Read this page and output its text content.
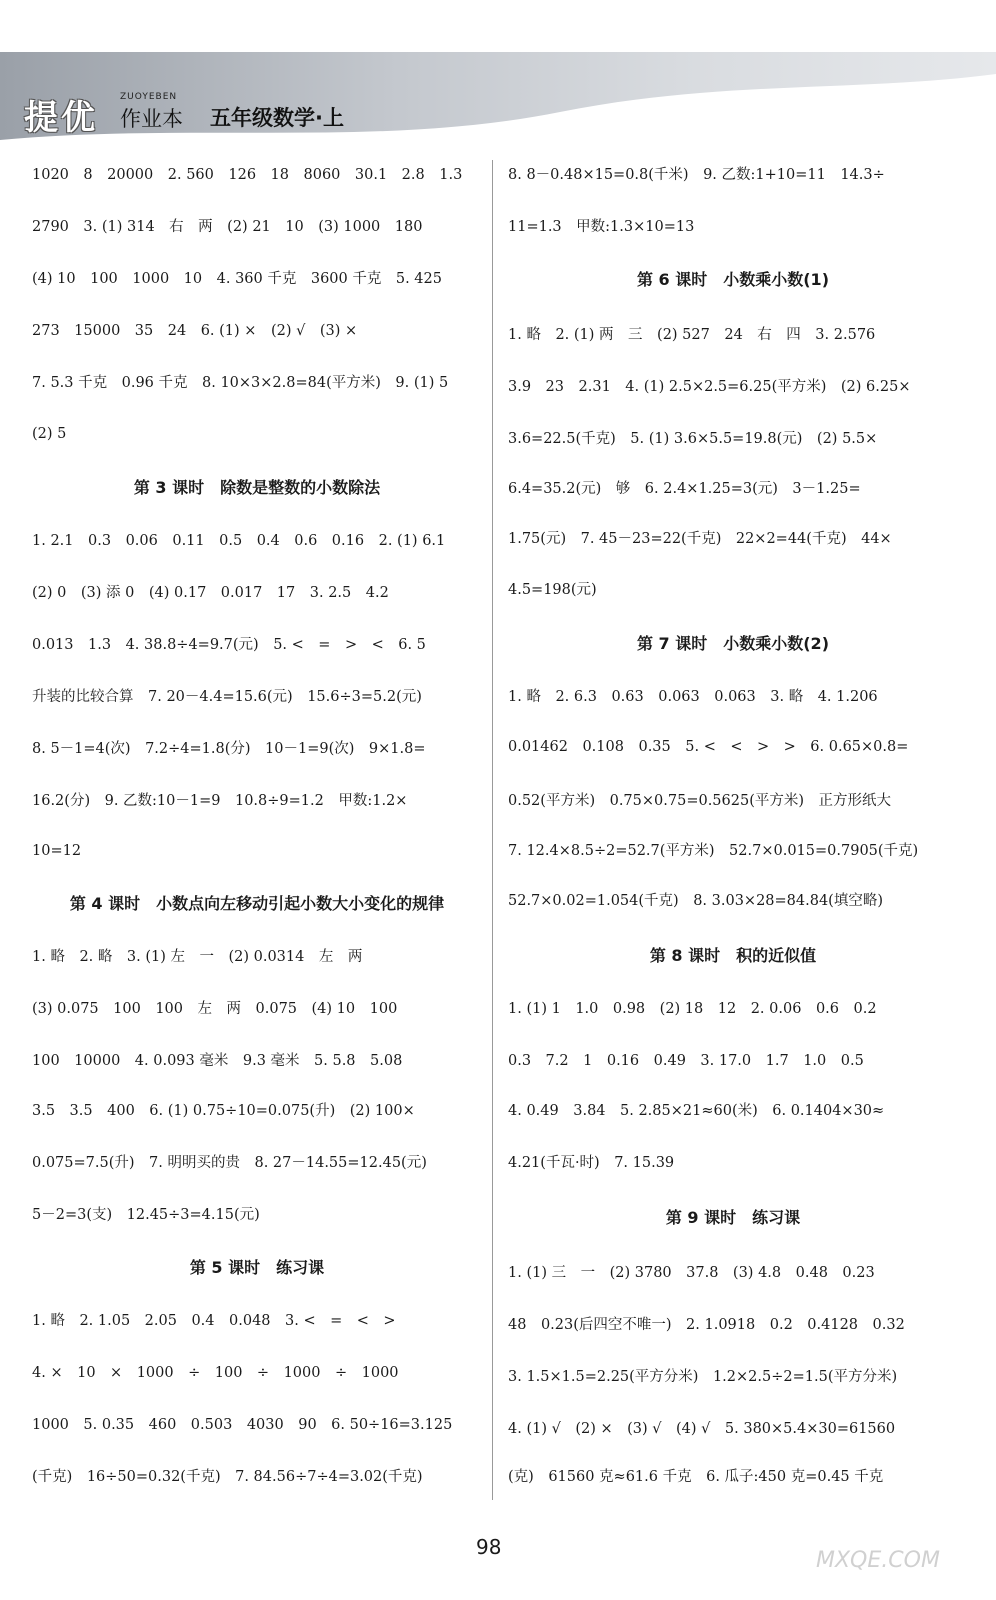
提优
ZUOYEBEN
作业本 五年级数学·上
1020　8　20000　2. 560　126　18　8060　30.1　2.8　1.3
2790　3. (1) 314　右　两　(2) 21　10　(3) 1000　180
(4) 10　100　1000　10　4. 360 千克　3600 千克　5. 425
273　15000　35　24　6. (1) ×　(2) √　(3) ×
7. 5.3 千克　0.96 千克　8. 10×3×2.8=84(平方米)　9. (1) 5
(2) 5
第 3 课时　除数是整数的小数除法
1. 2.1　0.3　0.06　0.11　0.5　0.4　0.6　0.16　2. (1) 6.1
(2) 0　(3) 添 0　(4) 0.17　0.017　17　3. 2.5　4.2
0.013　1.3　4. 38.8÷4=9.7(元)　5. <　=　>　<　6. 5
升装的比较合算　7. 20－4.4=15.6(元)　15.6÷3=5.2(元)
8. 5－1=4(次)　7.2÷4=1.8(分)　10－1=9(次)　9×1.8=
16.2(分)　9. 乙数:10－1=9　10.8÷9=1.2　甲数:1.2×
10=12
第 4 课时　小数点向左移动引起小数大小变化的规律
1. 略　2. 略　3. (1) 左　一　(2) 0.0314　左　两
(3) 0.075　100　100　左　两　0.075　(4) 10　100
100　10000　4. 0.093 毫米　9.3 毫米　5. 5.8　5.08
3.5　3.5　400　6. (1) 0.75÷10=0.075(升)　(2) 100×
0.075=7.5(升)　7. 明明买的贵　8. 27－14.55=12.45(元)
5－2=3(支)　12.45÷3=4.15(元)
第 5 课时　练习课
1. 略　2. 1.05　2.05　0.4　0.048　3. <　=　<　>
4. ×　10　×　1000　÷　100　÷　1000　÷　1000
1000　5. 0.35　460　0.503　4030　90　6. 50÷16=3.125
(千克)　16÷50=0.32(千克)　7. 84.56÷7÷4=3.02(千克)
8. 8－0.48×15=0.8(千米)　9. 乙数:1+10=11　14.3÷
11=1.3　甲数:1.3×10=13
第 6 课时　小数乘小数(1)
1. 略　2. (1) 两　三　(2) 527　24　右　四　3. 2.576
3.9　23　2.31　4. (1) 2.5×2.5=6.25(平方米)　(2) 6.25×
3.6=22.5(千克)　5. (1) 3.6×5.5=19.8(元)　(2) 5.5×
6.4=35.2(元)　够　6. 2.4×1.25=3(元)　3－1.25=
1.75(元)　7. 45－23=22(千克)　22×2=44(千克)　44×
4.5=198(元)
第 7 课时　小数乘小数(2)
1. 略　2. 6.3　0.63　0.063　0.063　3. 略　4. 1.206
0.01462　0.108　0.35　5. <　<　>　>　6. 0.65×0.8=
0.52(平方米)　0.75×0.75=0.5625(平方米)　正方形纸大
7. 12.4×8.5÷2=52.7(平方米)　52.7×0.015=0.7905(千克)
52.7×0.02=1.054(千克)　8. 3.03×28=84.84(填空略)
第 8 课时　积的近似值
1. (1) 1　1.0　0.98　(2) 18　12　2. 0.06　0.6　0.2
0.3　7.2　1　0.16　0.49　3. 17.0　1.7　1.0　0.5
4. 0.49　3.84　5. 2.85×21≈60(米)　6. 0.1404×30≈
4.21(千瓦·时)　7. 15.39
第 9 课时　练习课
1. (1) 三　一　(2) 3780　37.8　(3) 4.8　0.48　0.23
48　0.23(后四空不唯一)　2. 1.0918　0.2　0.4128　0.32
3. 1.5×1.5=2.25(平方分米)　1.2×2.5÷2=1.5(平方分米)
4. (1) √　(2) ×　(3) √　(4) √　5. 380×5.4×30=61560
(克)　61560 克≈61.6 千克　6. 瓜子:450 克=0.45 千克
98
MXQE.COM
